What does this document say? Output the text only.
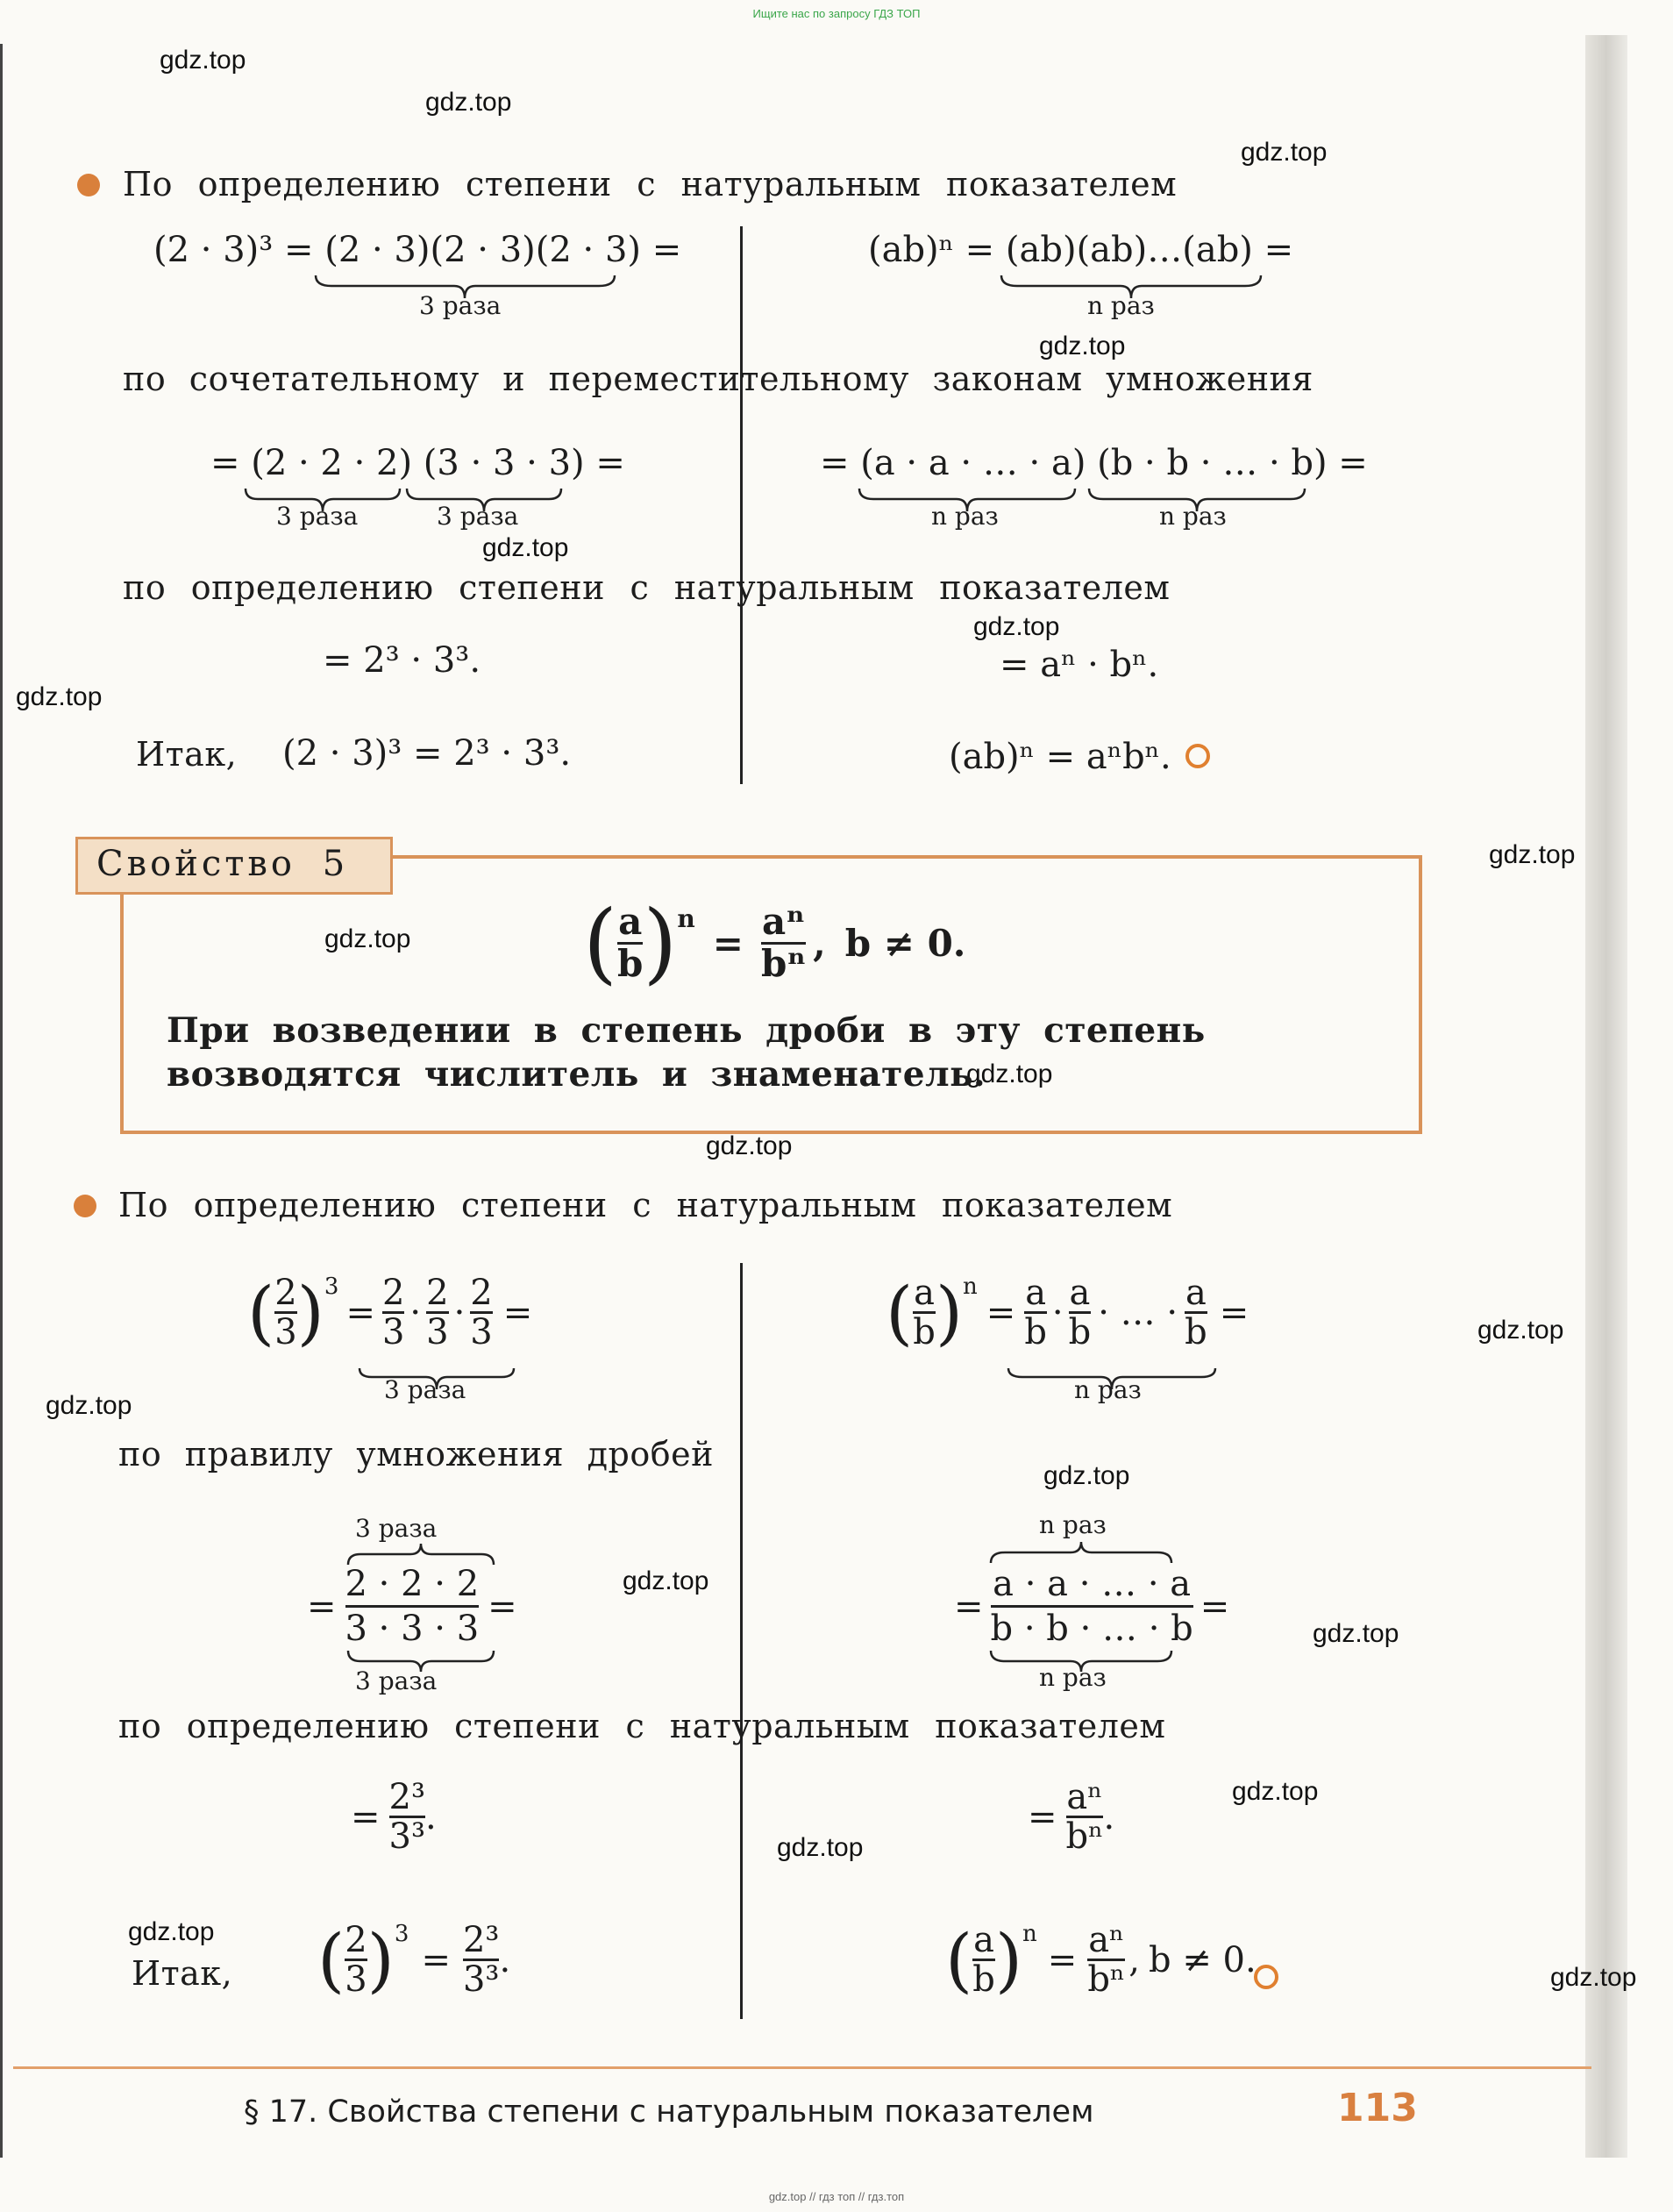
Ищите нас по запросу ГДЗ ТОП
gdz.top
gdz.top
gdz.top
gdz.top
gdz.top
gdz.top
gdz.top
gdz.top
gdz.top
gdz.top
gdz.top
gdz.top
gdz.top
gdz.top
gdz.top
gdz.top
gdz.top
gdz.top
gdz.top
gdz.top
По определению степени с натуральным показателем
(2 · 3)³ = (2 · 3)(2 · 3)(2 · 3) =
3 раза
(ab)ⁿ = (ab)(ab)…(ab) =
n раз
по сочетательному и переместительному законам умножения
= (2 · 2 · 2) (3 · 3 · 3) =
3 раза	3 раза
= (a · a · … · a) (b · b · … · b) =
n раз	n раз
по определению степени с натуральным показателем
= 2³ · 3³.	= aⁿ · bⁿ.
Итак, (2 · 3)³ = 2³ · 3³.	(ab)ⁿ = aⁿbⁿ.
Свойство 5
( $\frac{a}{b} )^n$
= $\frac{\text{aⁿ}}{\text{bⁿ}}$ , b ≠ 0.
При возведении в степень дроби в эту степень возводятся числитель и знаменатель.
По определению степени с натуральным показателем
( $\frac{2}{3} )^3$
= $\frac{2}{3} \cdot \frac{2}{3} \cdot \frac{2}{3}$ =
3 раза
( $\frac{a}{b} )^n$
= $\frac{a}{b} \cdot \frac{a}{b}$ · … · $\frac{a}{b}$ =
n раз
по правилу умножения дробей
3 раза
= $\frac{2 \cdot 2 \cdot 2}{3 \cdot 3 \cdot 3}$ =
3 раза
n раз
= $\frac{a \cdot a \cdot \dots \cdot a}{b \cdot b \cdot \dots \cdot b}$ =
n раз
по определению степени с натуральным показателем
= $\frac{\text{2³}}{\text{3³}}$ .	= $\frac{\text{aⁿ}}{\text{bⁿ}}$ .
Итак, ( $\frac{2}{3} )^3$
= $\frac{\text{2³}}{\text{3³}}$ .	( $\frac{a}{b} )^n$
= $\frac{\text{aⁿ}}{\text{bⁿ}}$ , b ≠ 0.
§ 17. Свойства степени с натуральным показателем	113
gdz.top // гдз топ // гдз.топ
